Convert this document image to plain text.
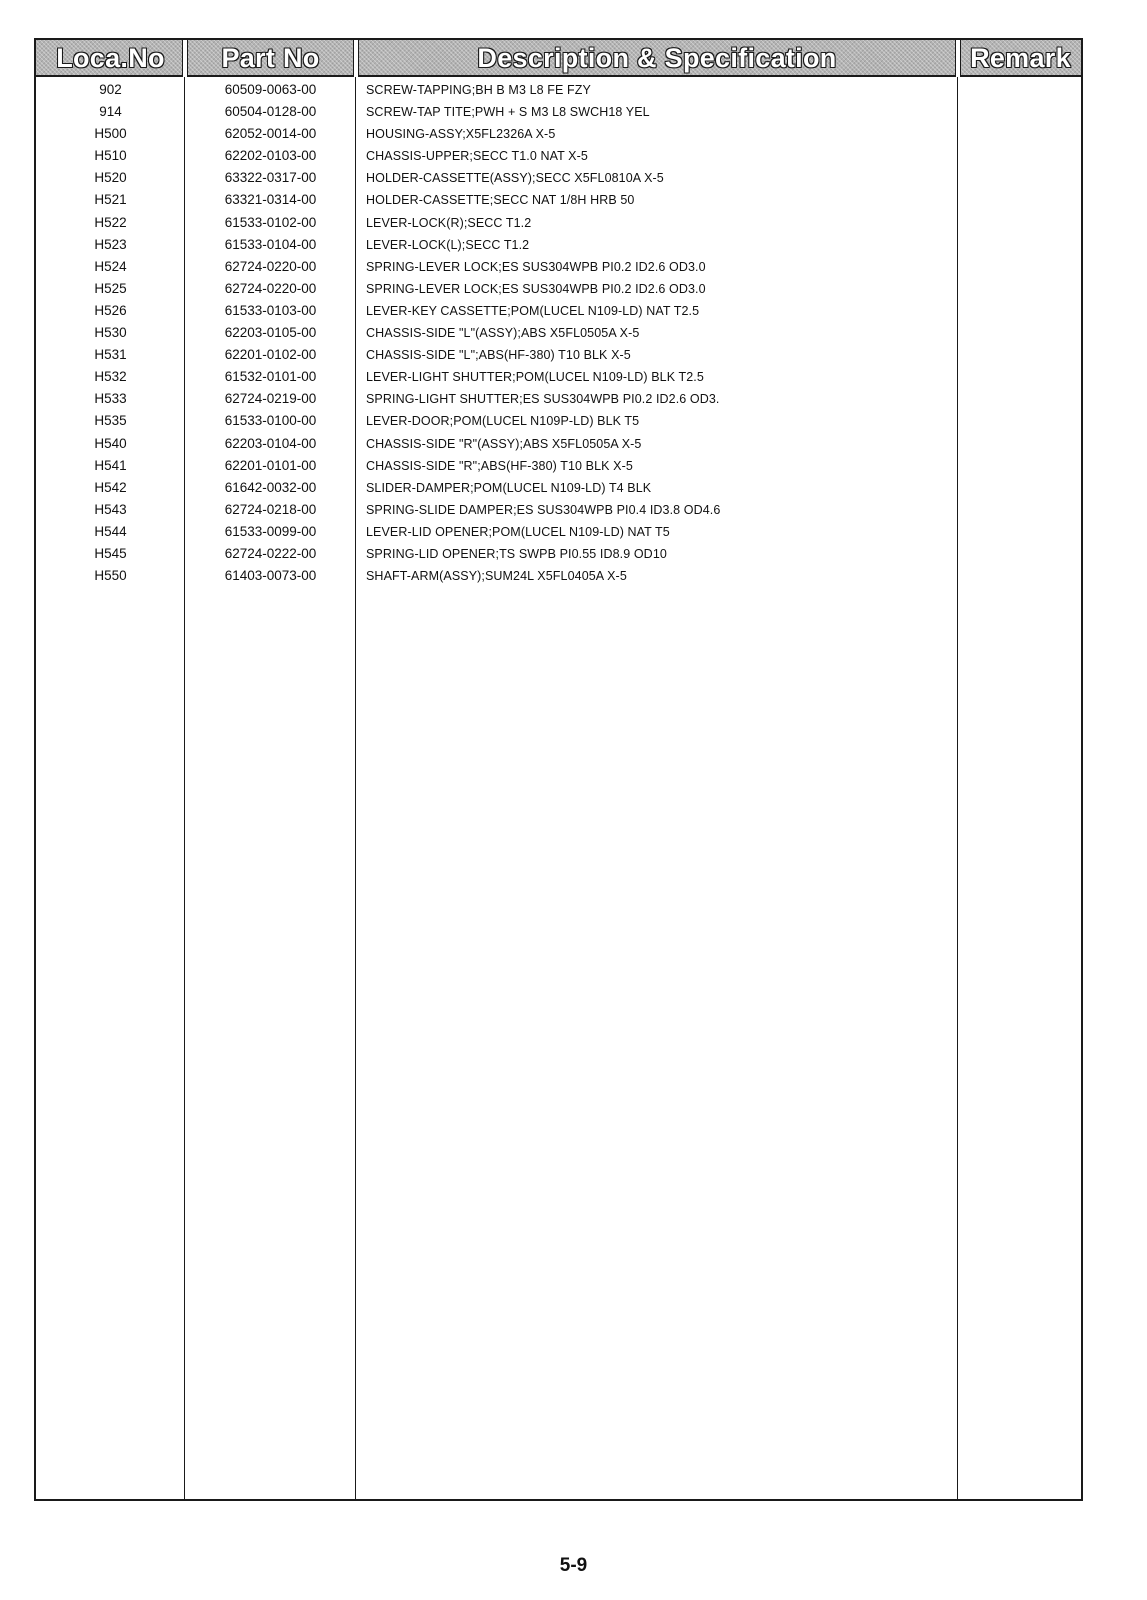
Loca.No	Part No	Description & Specification	Remark
902	60509-0063-00	SCREW-TAPPING;BH B M3 L8 FE FZY
914	60504-0128-00	SCREW-TAP TITE;PWH + S M3 L8 SWCH18 YEL
H500	62052-0014-00	HOUSING-ASSY;X5FL2326A X-5
H510	62202-0103-00	CHASSIS-UPPER;SECC T1.0 NAT X-5
H520	63322-0317-00	HOLDER-CASSETTE(ASSY);SECC X5FL0810A X-5
H521	63321-0314-00	HOLDER-CASSETTE;SECC NAT 1/8H HRB 50
H522	61533-0102-00	LEVER-LOCK(R);SECC T1.2
H523	61533-0104-00	LEVER-LOCK(L);SECC T1.2
H524	62724-0220-00	SPRING-LEVER LOCK;ES SUS304WPB PI0.2 ID2.6 OD3.0
H525	62724-0220-00	SPRING-LEVER LOCK;ES SUS304WPB PI0.2 ID2.6 OD3.0
H526	61533-0103-00	LEVER-KEY CASSETTE;POM(LUCEL N109-LD) NAT T2.5
H530	62203-0105-00	CHASSIS-SIDE "L"(ASSY);ABS X5FL0505A X-5
H531	62201-0102-00	CHASSIS-SIDE "L";ABS(HF-380) T10 BLK X-5
H532	61532-0101-00	LEVER-LIGHT SHUTTER;POM(LUCEL N109-LD) BLK T2.5
H533	62724-0219-00	SPRING-LIGHT SHUTTER;ES SUS304WPB PI0.2 ID2.6 OD3.
H535	61533-0100-00	LEVER-DOOR;POM(LUCEL N109P-LD) BLK T5
H540	62203-0104-00	CHASSIS-SIDE "R"(ASSY);ABS X5FL0505A X-5
H541	62201-0101-00	CHASSIS-SIDE "R";ABS(HF-380) T10 BLK X-5
H542	61642-0032-00	SLIDER-DAMPER;POM(LUCEL N109-LD) T4 BLK
H543	62724-0218-00	SPRING-SLIDE DAMPER;ES SUS304WPB PI0.4 ID3.8 OD4.6
H544	61533-0099-00	LEVER-LID OPENER;POM(LUCEL N109-LD) NAT T5
H545	62724-0222-00	SPRING-LID OPENER;TS SWPB PI0.55 ID8.9 OD10
H550	61403-0073-00	SHAFT-ARM(ASSY);SUM24L X5FL0405A X-5
5-9
